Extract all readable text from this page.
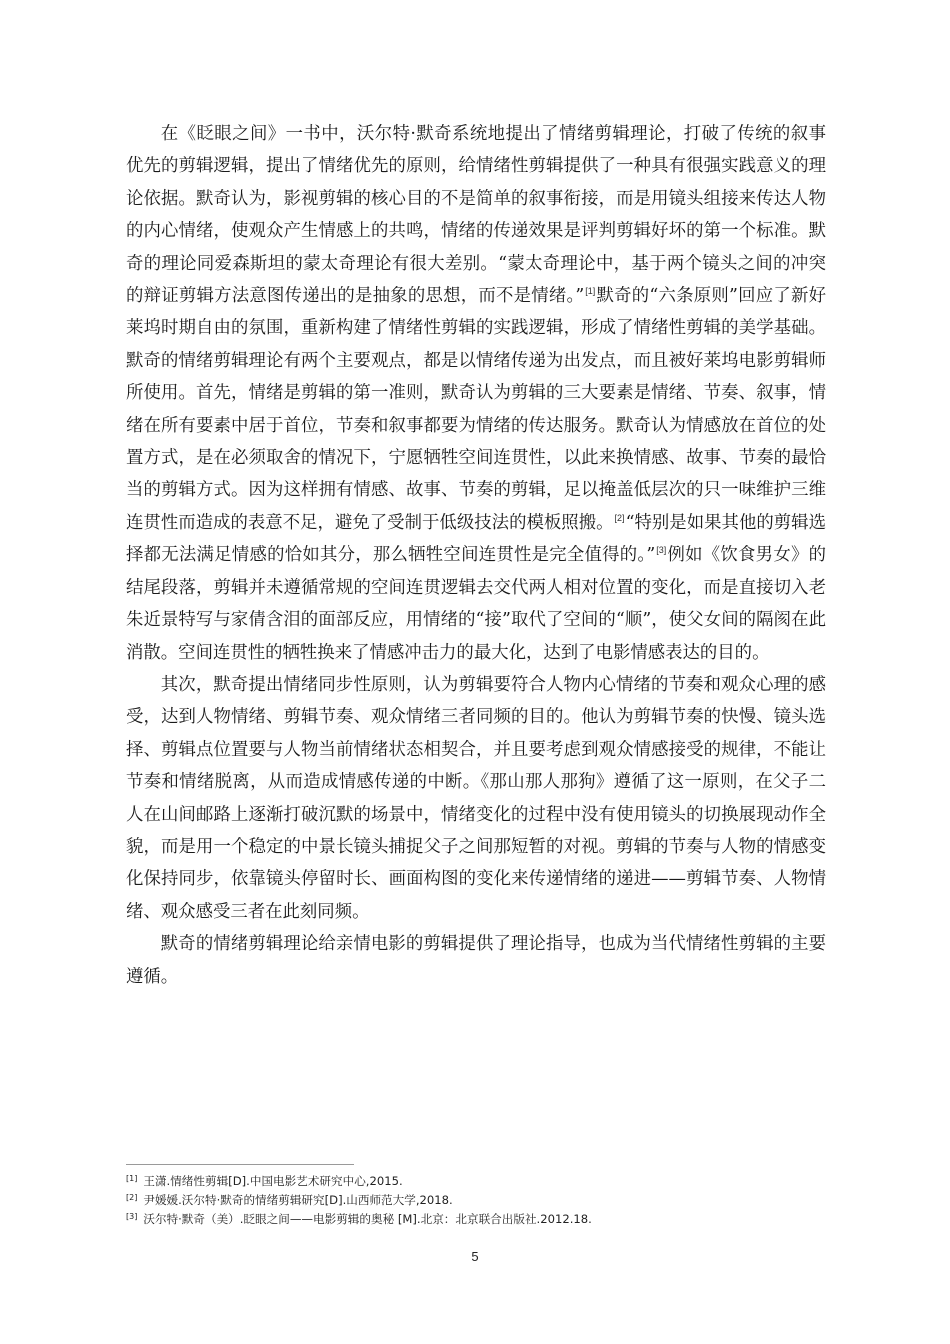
在《眨眼之间》一书中，沃尔特·默奇系统地提出了情绪剪辑理论，打破了传统的叙事优先的剪辑逻辑，提出了情绪优先的原则，给情绪性剪辑提供了一种具有很强实践意义的理论依据。默奇认为，影视剪辑的核心目的不是简单的叙事衔接，而是用镜头组接来传达人物的内心情绪，使观众产生情感上的共鸣，情绪的传递效果是评判剪辑好坏的第一个标准。默奇的理论同爱森斯坦的蒙太奇理论有很大差别。“蒙太奇理论中，基于两个镜头之间的冲突的辩证剪辑方法意图传递出的是抽象的思想，而不是情绪。”[1]默奇的“六条原则”回应了新好莱坞时期自由的氛围，重新构建了情绪性剪辑的实践逻辑，形成了情绪性剪辑的美学基础。默奇的情绪剪辑理论有两个主要观点，都是以情绪传递为出发点，而且被好莱坞电影剪辑师所使用。首先，情绪是剪辑的第一准则，默奇认为剪辑的三大要素是情绪、节奏、叙事，情绪在所有要素中居于首位，节奏和叙事都要为情绪的传达服务。默奇认为情感放在首位的处置方式，是在必须取舍的情况下，宁愿牺牲空间连贯性，以此来换情感、故事、节奏的最恰当的剪辑方式。因为这样拥有情感、故事、节奏的剪辑，足以掩盖低层次的只一味维护三维连贯性而造成的表意不足，避免了受制于低级技法的模板照搬。[2]“特别是如果其他的剪辑选择都无法满足情感的恰如其分，那么牺牲空间连贯性是完全值得的。”[3]例如《饮食男女》的结尾段落，剪辑并未遵循常规的空间连贯逻辑去交代两人相对位置的变化，而是直接切入老朱近景特写与家倩含泪的面部反应，用情绪的“接”取代了空间的“顺”，使父女间的隔阂在此消散。空间连贯性的牺牲换来了情感冲击力的最大化，达到了电影情感表达的目的。

其次，默奇提出情绪同步性原则，认为剪辑要符合人物内心情绪的节奏和观众心理的感受，达到人物情绪、剪辑节奏、观众情绪三者同频的目的。他认为剪辑节奏的快慢、镜头选择、剪辑点位置要与人物当前情绪状态相契合，并且要考虑到观众情感接受的规律，不能让节奏和情绪脱离，从而造成情感传递的中断。《那山那人那狗》遵循了这一原则，在父子二人在山间邮路上逐渐打破沉默的场景中，情绪变化的过程中没有使用镜头的切换展现动作全貌，而是用一个稳定的中景长镜头捕捉父子之间那短暂的对视。剪辑的节奏与人物的情感变化保持同步，依靠镜头停留时长、画面构图的变化来传递情绪的递进——剪辑节奏、人物情绪、观众感受三者在此刻同频。

默奇的情绪剪辑理论给亲情电影的剪辑提供了理论指导，也成为当代情绪性剪辑的主要遵循。

[1] 王潇.情绪性剪辑[D].中国电影艺术研究中心,2015.
[2] 尹媛媛.沃尔特·默奇的情绪剪辑研究[D].山西师范大学,2018.
[3] 沃尔特·默奇（美）.眨眼之间——电影剪辑的奥秘 [M].北京：北京联合出版社.2012.18.
5
